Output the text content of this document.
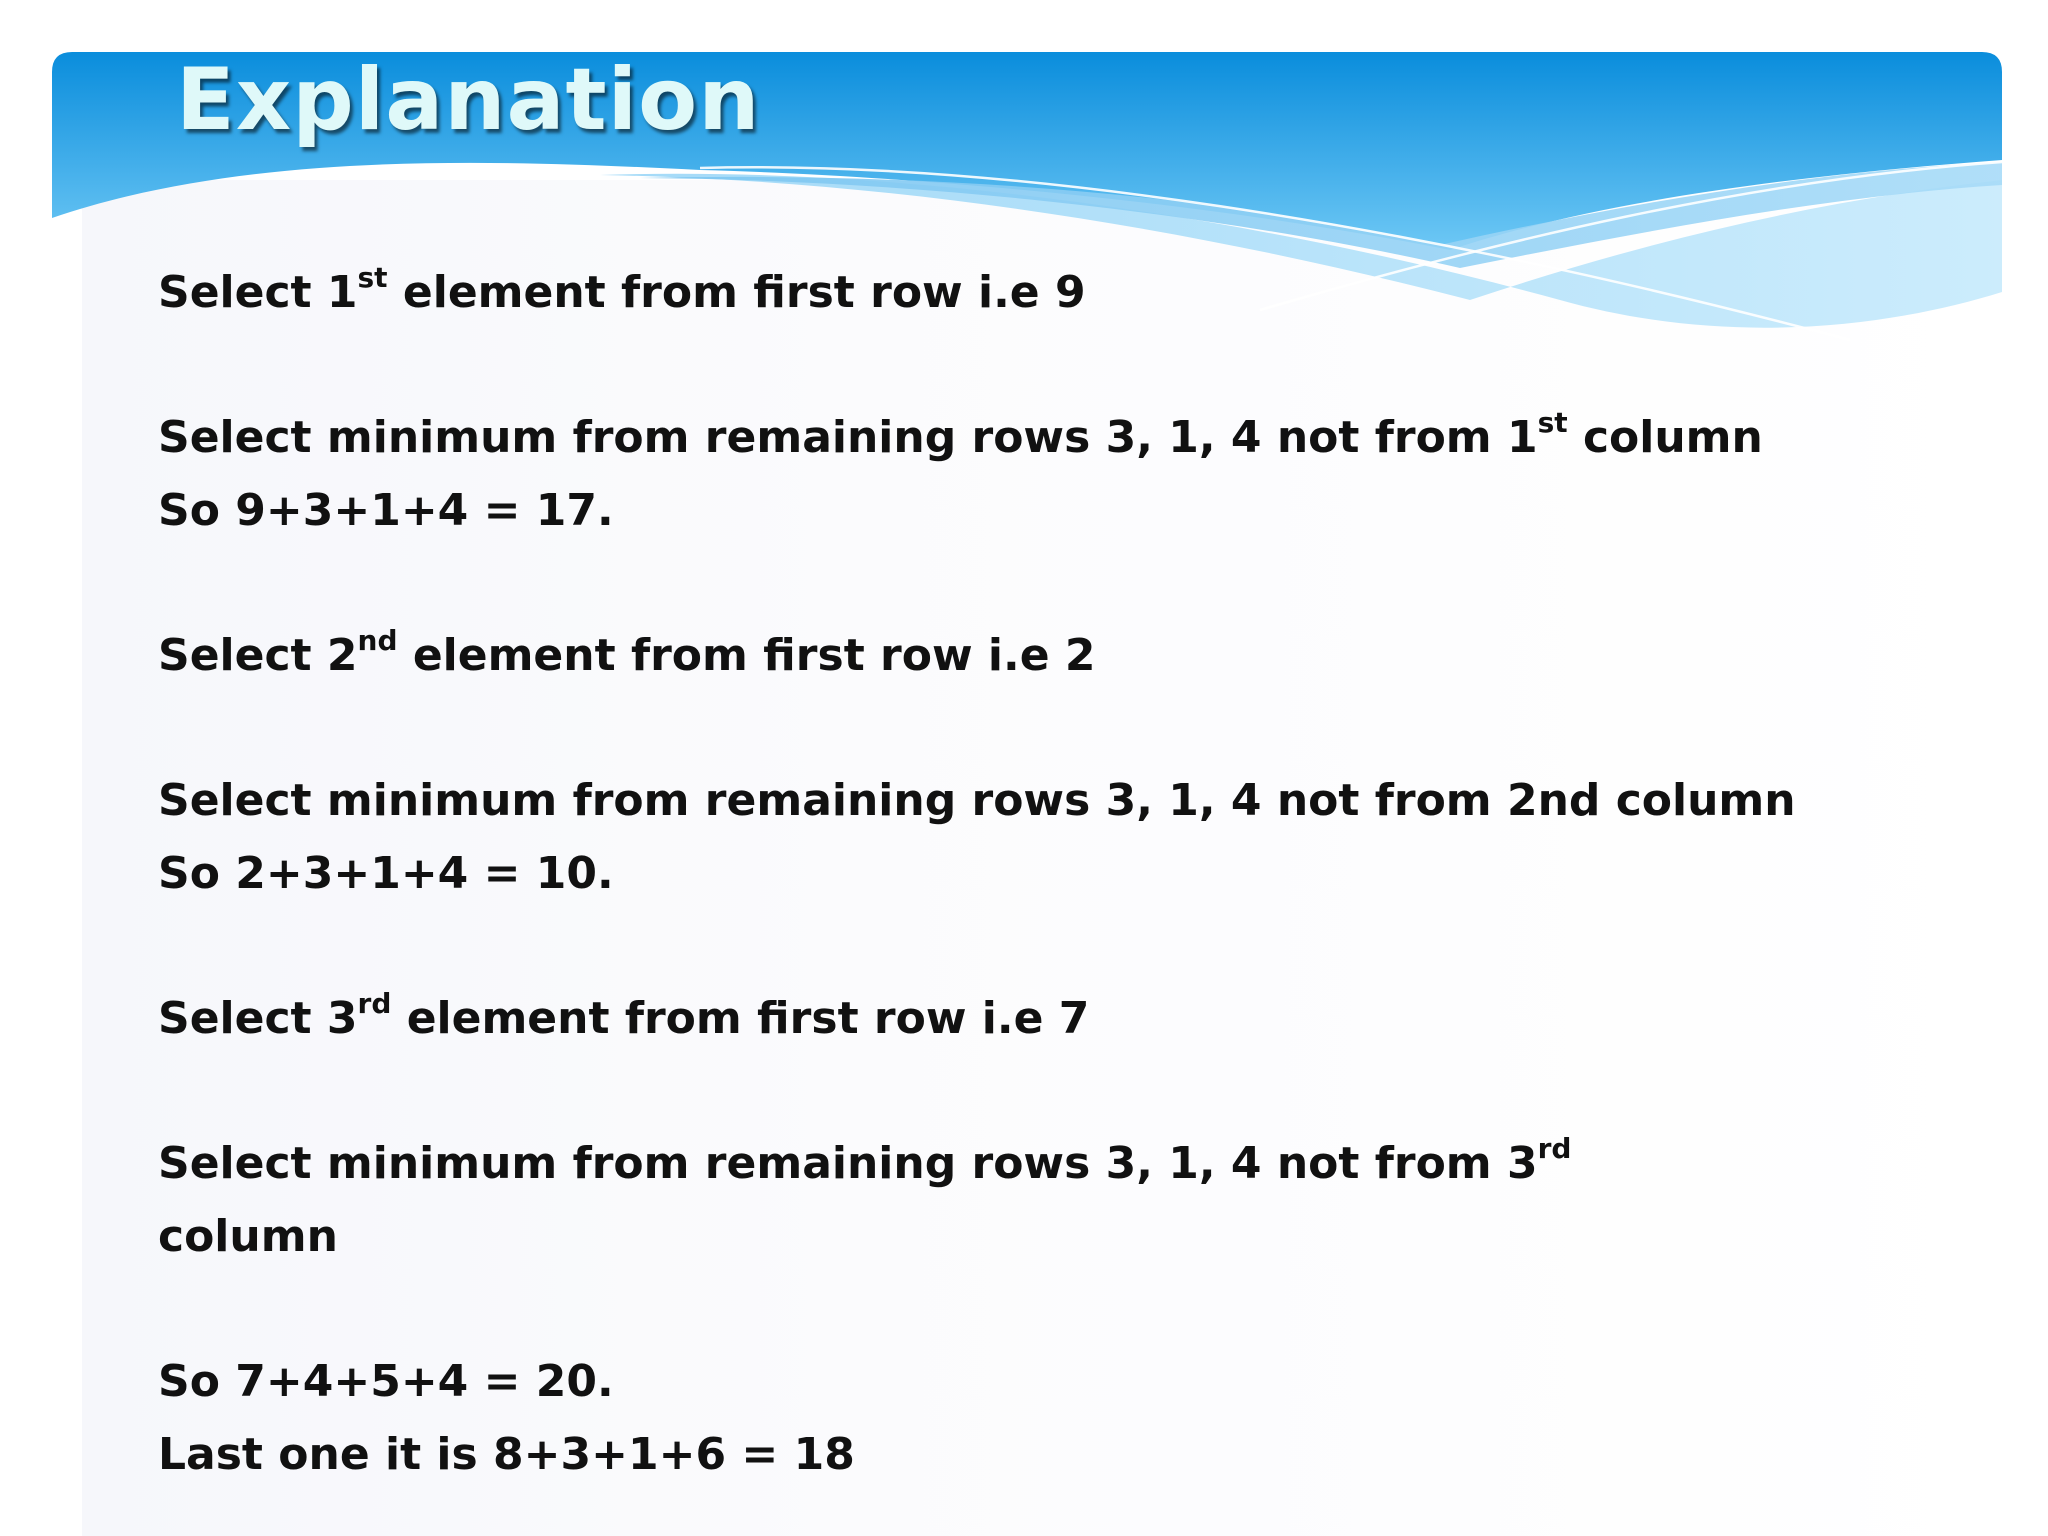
Explanation
Select 1st element from first row i.e 9
Select minimum from remaining rows 3, 1, 4 not from 1st column
So 9+3+1+4 = 17.
Select 2nd element from first row i.e 2
Select minimum from remaining rows 3, 1, 4 not from 2nd column
So 2+3+1+4 = 10.
Select 3rd element from first row i.e 7
Select minimum from remaining rows 3, 1, 4 not from 3rd
column
So 7+4+5+4 = 20.
Last one it is 8+3+1+6 = 18
